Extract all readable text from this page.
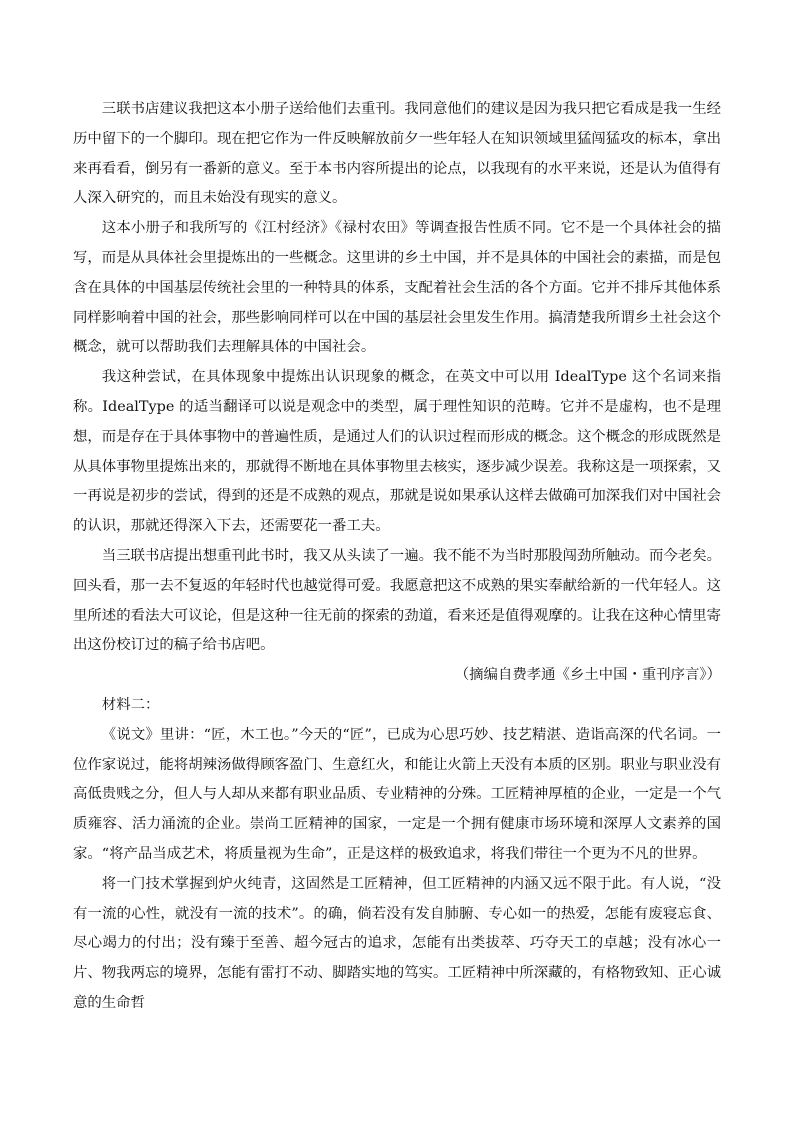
三联书店建议我把这本小册子送给他们去重刊。我同意他们的建议是因为我只把它看成是我一生经历中留下的一个脚印。现在把它作为一件反映解放前夕一些年轻人在知识领域里猛闯猛攻的标本，拿出来再看看，倒另有一番新的意义。至于本书内容所提出的论点，以我现有的水平来说，还是认为值得有人深入研究的，而且未始没有现实的意义。

这本小册子和我所写的《江村经济》《禄村农田》等调查报告性质不同。它不是一个具体社会的描写，而是从具体社会里提炼出的一些概念。这里讲的乡土中国，并不是具体的中国社会的素描，而是包含在具体的中国基层传统社会里的一种特具的体系，支配着社会生活的各个方面。它并不排斥其他体系同样影响着中国的社会，那些影响同样可以在中国的基层社会里发生作用。搞清楚我所谓乡土社会这个概念，就可以帮助我们去理解具体的中国社会。

我这种尝试，在具体现象中提炼出认识现象的概念，在英文中可以用 IdealType 这个名词来指称。IdealType 的适当翻译可以说是观念中的类型，属于理性知识的范畴。它并不是虚构，也不是理想，而是存在于具体事物中的普遍性质，是通过人们的认识过程而形成的概念。这个概念的形成既然是从具体事物里提炼出来的，那就得不断地在具体事物里去核实，逐步减少误差。我称这是一项探索，又一再说是初步的尝试，得到的还是不成熟的观点，那就是说如果承认这样去做确可加深我们对中国社会的认识，那就还得深入下去，还需要花一番工夫。

当三联书店提出想重刊此书时，我又从头读了一遍。我不能不为当时那股闯劲所触动。而今老矣。回头看，那一去不复返的年轻时代也越觉得可爱。我愿意把这不成熟的果实奉献给新的一代年轻人。这里所述的看法大可议论，但是这种一往无前的探索的劲道，看来还是值得观摩的。让我在这种心情里寄出这份校订过的稿子给书店吧。

（摘编自费孝通《乡土中国・重刊序言》）

材料二：

《说文》里讲：“匠，木工也。”今天的“匠”，已成为心思巧妙、技艺精湛、造诣高深的代名词。一位作家说过，能将胡辣汤做得顾客盈门、生意红火，和能让火箭上天没有本质的区别。职业与职业没有高低贵贱之分，但人与人却从来都有职业品质、专业精神的分殊。工匠精神厚植的企业，一定是一个气质雍容、活力涌流的企业。崇尚工匠精神的国家，一定是一个拥有健康市场环境和深厚人文素养的国家。“将产品当成艺术，将质量视为生命”，正是这样的极致追求，将我们带往一个更为不凡的世界。

将一门技术掌握到炉火纯青，这固然是工匠精神，但工匠精神的内涵又远不限于此。有人说，“没有一流的心性，就没有一流的技术”。的确，倘若没有发自肺腑、专心如一的热爱，怎能有废寝忘食、尽心竭力的付出；没有臻于至善、超今冠古的追求，怎能有出类拔萃、巧夺天工的卓越；没有冰心一片、物我两忘的境界，怎能有雷打不动、脚踏实地的笃实。工匠精神中所深藏的，有格物致知、正心诚意的生命哲
